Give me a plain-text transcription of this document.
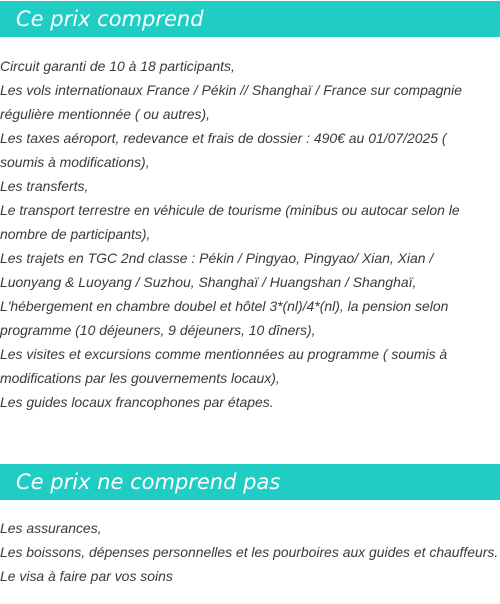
Ce prix comprend
Circuit garanti de 10 à 18 participants,
Les vols internationaux France / Pékin // Shanghaï / France sur compagnie
régulière mentionnée ( ou autres),
Les taxes aéroport, redevance et frais de dossier : 490€ au 01/07/2025 (
soumis à modifications),
Les transferts,
Le transport terrestre en véhicule de tourisme (minibus ou autocar selon le
nombre de participants),
Les trajets en TGC 2nd classe : Pékin / Pingyao, Pingyao/ Xian, Xian /
Luonyang & Luoyang / Suzhou, Shanghaï / Huangshan / Shanghaï,
L'hébergement en chambre doubel et hôtel 3*(nl)/4*(nl), la pension selon
programme (10 déjeuners, 9 déjeuners, 10 dîners),
Les visites et excursions comme mentionnées au programme ( soumis à
modifications par les gouvernements locaux),
Les guides locaux francophones par étapes.
Ce prix ne comprend pas
Les assurances,
Les boissons, dépenses personnelles et les pourboires aux guides et chauffeurs.
Le visa à faire par vos soins
